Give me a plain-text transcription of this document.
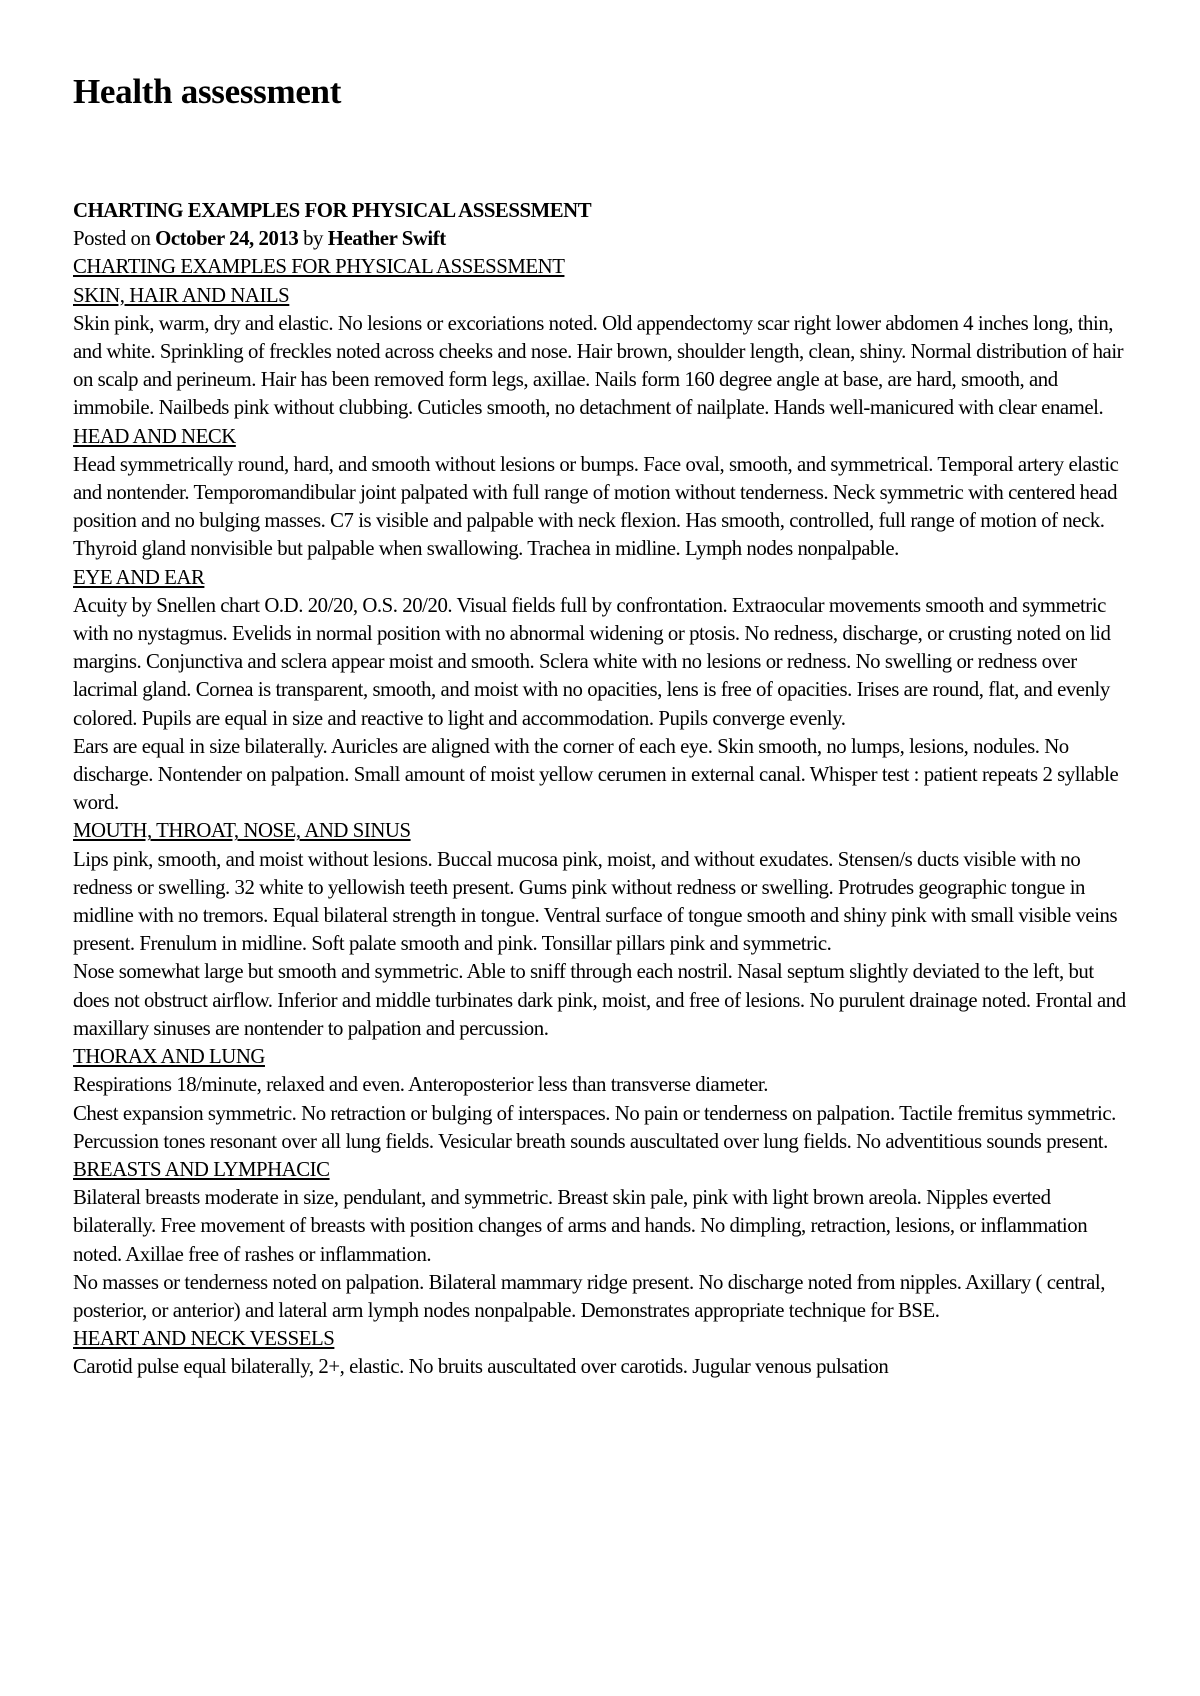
Health assessment

CHARTING EXAMPLES FOR PHYSICAL ASSESSMENT

Posted on October 24, 2013 by Heather Swift

CHARTING EXAMPLES FOR PHYSICAL ASSESSMENT

SKIN, HAIR AND NAILS

Skin pink, warm, dry and elastic. No lesions or excoriations noted. Old appendectomy scar right lower abdomen 4 inches long, thin, and white. Sprinkling of freckles noted across cheeks and nose. Hair brown, shoulder length, clean, shiny. Normal distribution of hair on scalp and perineum. Hair has been removed form legs, axillae. Nails form 160 degree angle at base, are hard, smooth, and immobile. Nailbeds pink without clubbing. Cuticles smooth, no detachment of nailplate. Hands well-manicured with clear enamel.

HEAD AND NECK

Head symmetrically round, hard, and smooth without lesions or bumps. Face oval, smooth, and symmetrical. Temporal artery elastic and nontender. Temporomandibular joint palpated with full range of motion without tenderness. Neck symmetric with centered head position and no bulging masses. C7 is visible and palpable with neck flexion. Has smooth, controlled, full range of motion of neck. Thyroid gland nonvisible but palpable when swallowing. Trachea in midline. Lymph nodes nonpalpable.

EYE AND EAR

Acuity by Snellen chart O.D. 20/20, O.S. 20/20. Visual fields full by confrontation. Extraocular movements smooth and symmetric with no nystagmus. Evelids in normal position with no abnormal widening or ptosis. No redness, discharge, or crusting noted on lid margins. Conjunctiva and sclera appear moist and smooth. Sclera white with no lesions or redness. No swelling or redness over lacrimal gland. Cornea is transparent, smooth, and moist with no opacities, lens is free of opacities. Irises are round, flat, and evenly colored. Pupils are equal in size and reactive to light and accommodation. Pupils converge evenly.

Ears are equal in size bilaterally. Auricles are aligned with the corner of each eye. Skin smooth, no lumps, lesions, nodules. No discharge. Nontender on palpation. Small amount of moist yellow cerumen in external canal. Whisper test : patient repeats 2 syllable word.

MOUTH, THROAT, NOSE, AND SINUS

Lips pink, smooth, and moist without lesions. Buccal mucosa pink, moist, and without exudates. Stensen/s ducts visible with no redness or swelling. 32 white to yellowish teeth present. Gums pink without redness or swelling. Protrudes geographic tongue in midline with no tremors. Equal bilateral strength in tongue. Ventral surface of tongue smooth and shiny pink with small visible veins present. Frenulum in midline. Soft palate smooth and pink. Tonsillar pillars pink and symmetric.

Nose somewhat large but smooth and symmetric. Able to sniff through each nostril. Nasal septum slightly deviated to the left, but does not obstruct airflow. Inferior and middle turbinates dark pink, moist, and free of lesions. No purulent drainage noted. Frontal and maxillary sinuses are nontender to palpation and percussion.

THORAX AND LUNG

Respirations 18/minute, relaxed and even. Anteroposterior less than transverse diameter.

Chest expansion symmetric. No retraction or bulging of interspaces. No pain or tenderness on palpation. Tactile fremitus symmetric. Percussion tones resonant over all lung fields. Vesicular breath sounds auscultated over lung fields. No adventitious sounds present.

BREASTS AND LYMPHACIC

Bilateral breasts moderate in size, pendulant, and symmetric. Breast skin pale, pink with light brown areola. Nipples everted bilaterally. Free movement of breasts with position changes of arms and hands. No dimpling, retraction, lesions, or inflammation noted. Axillae free of rashes or inflammation.

No masses or tenderness noted on palpation. Bilateral mammary ridge present. No discharge noted from nipples. Axillary ( central, posterior, or anterior) and lateral arm lymph nodes nonpalpable. Demonstrates appropriate technique for BSE.

HEART AND NECK VESSELS

Carotid pulse equal bilaterally, 2+, elastic. No bruits auscultated over carotids. Jugular venous pulsation
